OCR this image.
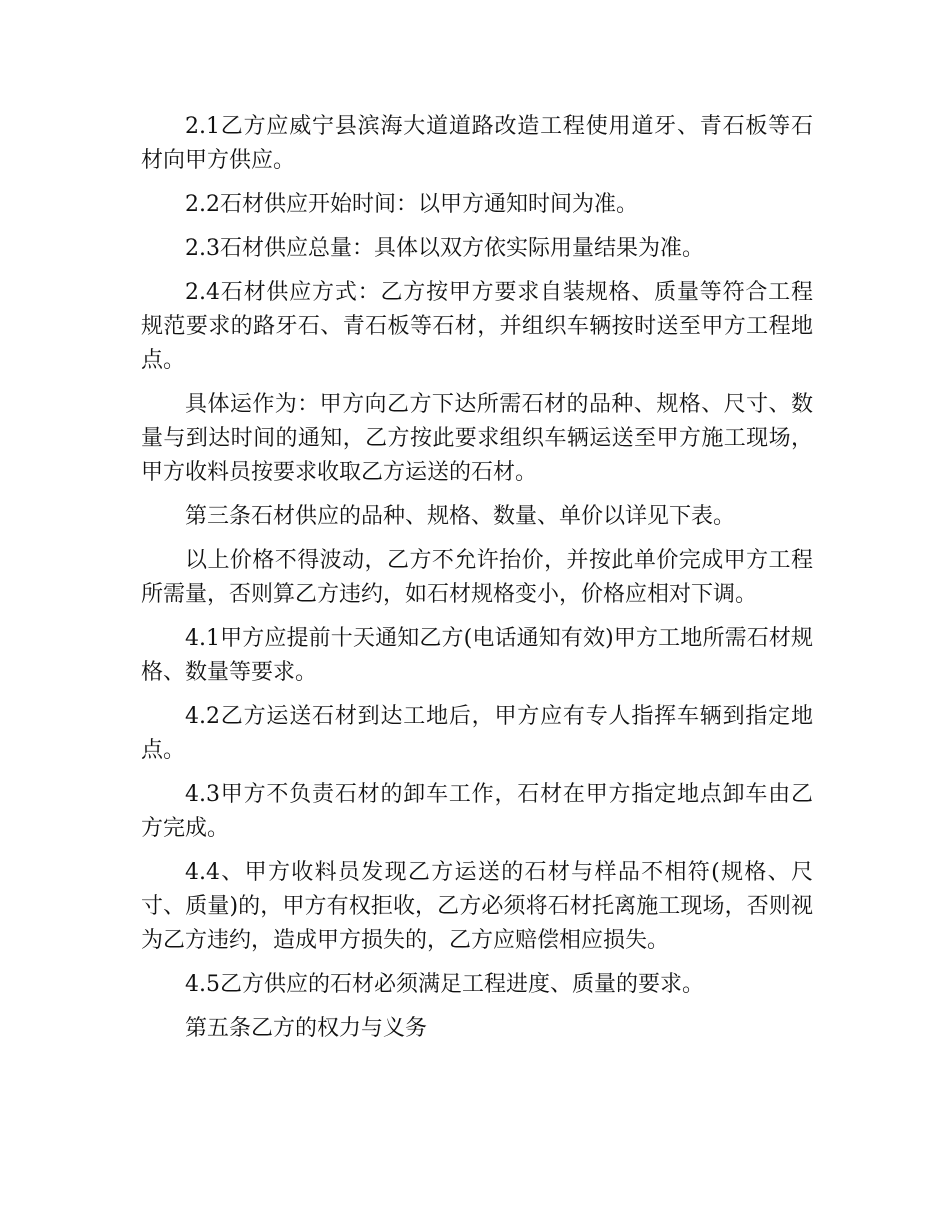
2.1乙方应威宁县滨海大道道路改造工程使用道牙、青石板等石材向甲方供应。

2.2石材供应开始时间：以甲方通知时间为准。

2.3石材供应总量：具体以双方依实际用量结果为准。

2.4石材供应方式：乙方按甲方要求自装规格、质量等符合工程规范要求的路牙石、青石板等石材，并组织车辆按时送至甲方工程地点。

具体运作为：甲方向乙方下达所需石材的品种、规格、尺寸、数量与到达时间的通知，乙方按此要求组织车辆运送至甲方施工现场，甲方收料员按要求收取乙方运送的石材。

第三条石材供应的品种、规格、数量、单价以详见下表。

以上价格不得波动，乙方不允许抬价，并按此单价完成甲方工程所需量，否则算乙方违约，如石材规格变小，价格应相对下调。

4.1甲方应提前十天通知乙方(电话通知有效)甲方工地所需石材规格、数量等要求。

4.2乙方运送石材到达工地后，甲方应有专人指挥车辆到指定地点。

4.3甲方不负责石材的卸车工作，石材在甲方指定地点卸车由乙方完成。

4.4、甲方收料员发现乙方运送的石材与样品不相符(规格、尺寸、质量)的，甲方有权拒收，乙方必须将石材托离施工现场，否则视为乙方违约，造成甲方损失的，乙方应赔偿相应损失。

4.5乙方供应的石材必须满足工程进度、质量的要求。

第五条乙方的权力与义务
